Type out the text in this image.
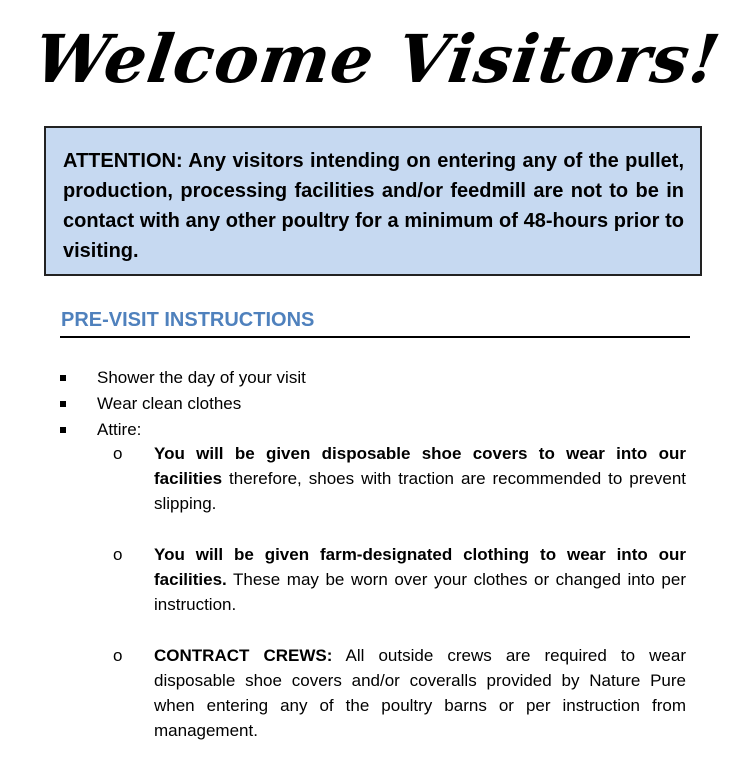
Welcome Visitors!
ATTENTION: Any visitors intending on entering any of the pullet, production, processing facilities and/or feedmill are not to be in contact with any other poultry for a minimum of 48-hours prior to visiting.
PRE-VISIT INSTRUCTIONS
Shower the day of your visit
Wear clean clothes
Attire:
o You will be given disposable shoe covers to wear into our facilities therefore, shoes with traction are recommended to prevent slipping.
o You will be given farm-designated clothing to wear into our facilities. These may be worn over your clothes or changed into per instruction.
o CONTRACT CREWS: All outside crews are required to wear disposable shoe covers and/or coveralls provided by Nature Pure when entering any of the poultry barns or per instruction from management.
